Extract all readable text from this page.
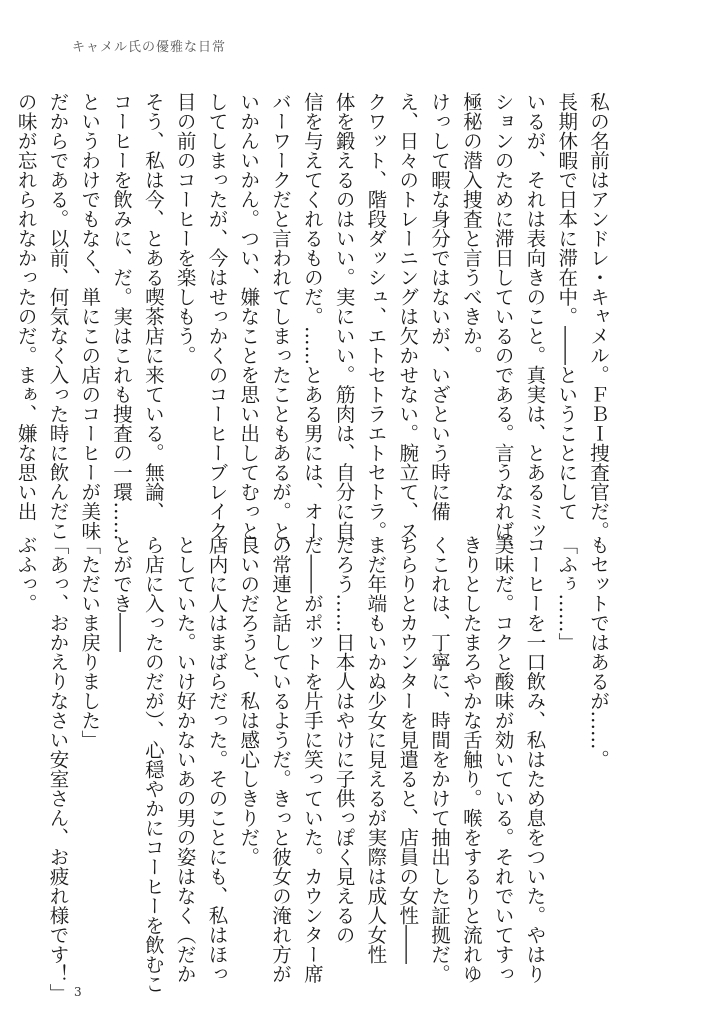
キャメル氏の優雅な日常
私の名前はアンドレ・キャメル。ＦＢＩ捜査官だ。
長期休暇で日本に滞在中。――ということにして
いるが、それは表向きのこと。真実は、とあるミッ
ションのために滞日しているのである。言うなれば、
極秘の潜入捜査と言うべきか。
けっして暇な身分ではないが、いざという時に備
え、日々のトレーニングは欠かせない。腕立て、ス
クワット、階段ダッシュ、エトセトラエトセトラ。
体を鍛えるのはいい。実にいい。筋肉は、自分に自
信を与えてくれるものだ。……とある男には、オー
バーワークだと言われてしまったこともあるが。と、
いかんいかん。つい、嫌なことを思い出してむっと
してしまったが、今はせっかくのコーヒーブレイク。
目の前のコーヒーを楽しもう。
そう、私は今、とある喫茶店に来ている。無論、
コーヒーを飲みに、だ。実はこれも捜査の一環……
というわけでもなく、単にこの店のコーヒーが美味
だからである。以前、何気なく入った時に飲んだこ
の味が忘れられなかったのだ。まぁ、嫌な思い出
もセットではあるが……。
「ふぅ……」
コーヒーを一口飲み、私はため息をついた。やはり
美味だ。コクと酸味が効いている。それでいてすっ
きりとしたまろやかな舌触り。喉をするりと流れゆ
くこれは、丁寧に、時間をかけて抽出した証拠だ。
ちらりとカウンターを見遣ると、店員の女性――
まだ年端もいかぬ少女に見えるが実際は成人女性
だろう……日本人はやけに子供っぽく見えるの
だ――がポットを片手に笑っていた。カウンター席
の常連と話しているようだ。きっと彼女の淹れ方が
良いのだろうと、私は感心しきりだ。
店内に人はまばらだった。そのことにも、私はほっ
としていた。いけ好かないあの男の姿はなく（だか
ら店に入ったのだが）、心穏やかにコーヒーを飲むこ
とができ――
「ただいま戻りました」
「あっ、おかえりなさい安室さん、お疲れ様です！」
ぶふっ。
3
